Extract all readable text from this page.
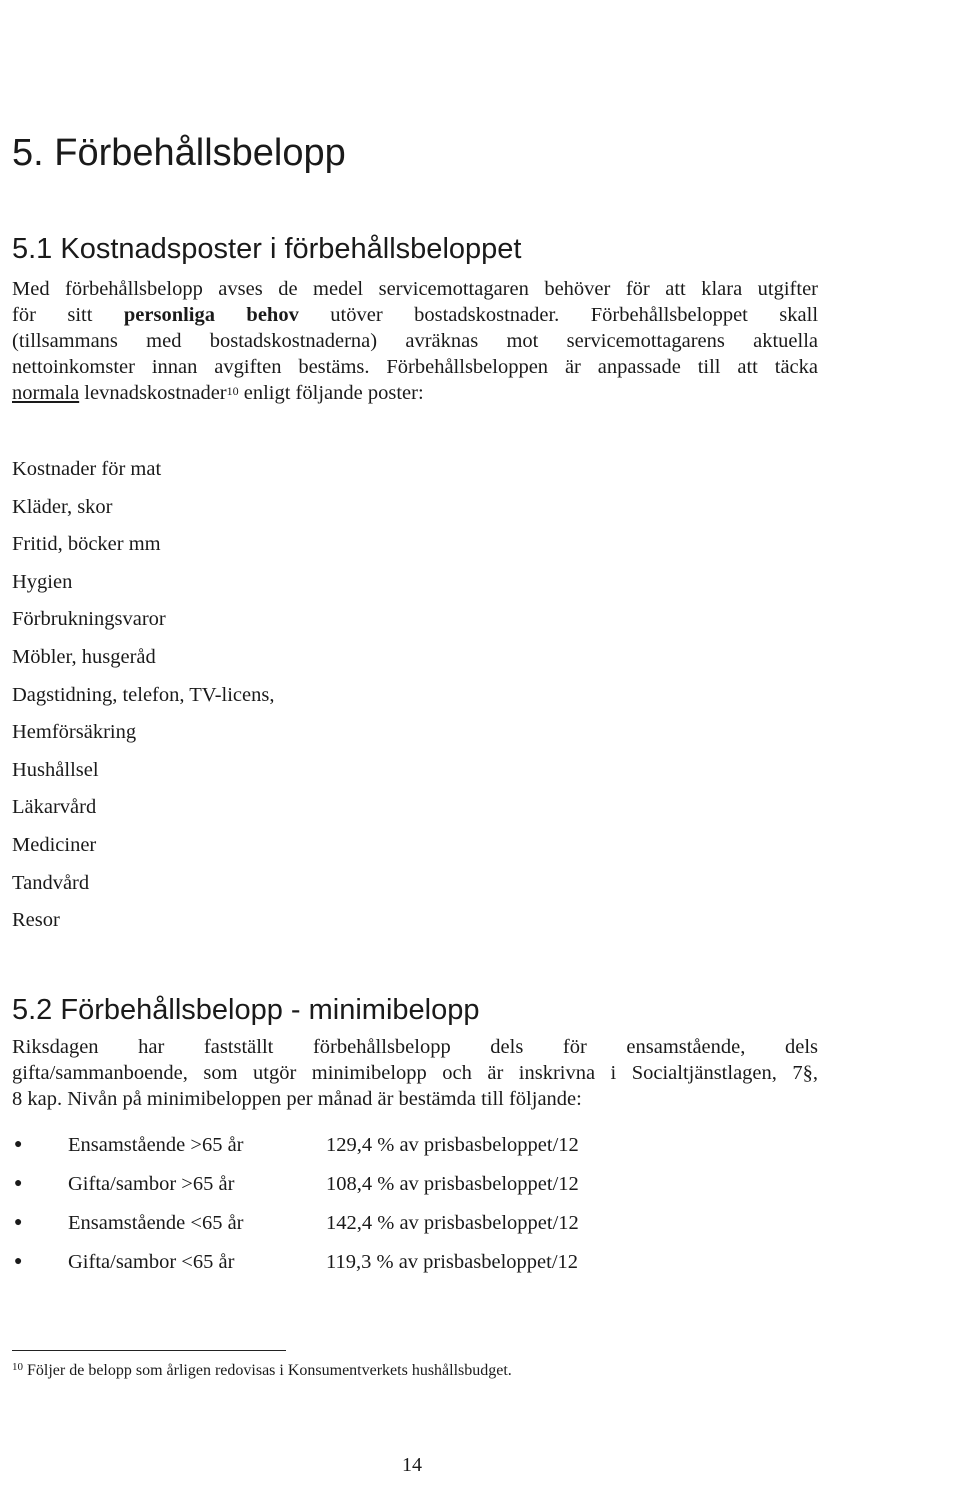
5. Förbehållsbelopp
5.1 Kostnadsposter i förbehållsbeloppet
Med förbehållsbelopp avses de medel servicemottagaren behöver för att klara utgifter
för sitt personliga behov utöver bostadskostnader. Förbehållsbeloppet skall
(tillsammans med bostadskostnaderna) avräknas mot servicemottagarens aktuella
nettoinkomster innan avgiften bestäms. Förbehållsbeloppen är anpassade till att täcka
normala levnadskostnader$^{10}$ enligt följande poster:
Kostnader för mat
Kläder, skor
Fritid, böcker mm
Hygien
Förbrukningsvaror
Möbler, husgeråd
Dagstidning, telefon, TV-licens,
Hemförsäkring
Hushållsel
Läkarvård
Mediciner
Tandvård
Resor
5.2 Förbehållsbelopp - minimibelopp
Riksdagen har fastställt förbehållsbelopp dels för ensamstående, dels
gifta/sammanboende, som utgör minimibelopp och är inskrivna i Socialtjänstlagen, 7§,
8 kap. Nivån på minimibeloppen per månad är bestämda till följande:
●	Ensamstående >65 år	129,4 % av prisbasbeloppet/12
●	Gifta/sambor >65 år	108,4 % av prisbasbeloppet/12
●	Ensamstående <65 år	142,4 % av prisbasbeloppet/12
●	Gifta/sambor <65 år	119,3 % av prisbasbeloppet/12
$^{10}$ Följer de belopp som årligen redovisas i Konsumentverkets hushållsbudget.
14
